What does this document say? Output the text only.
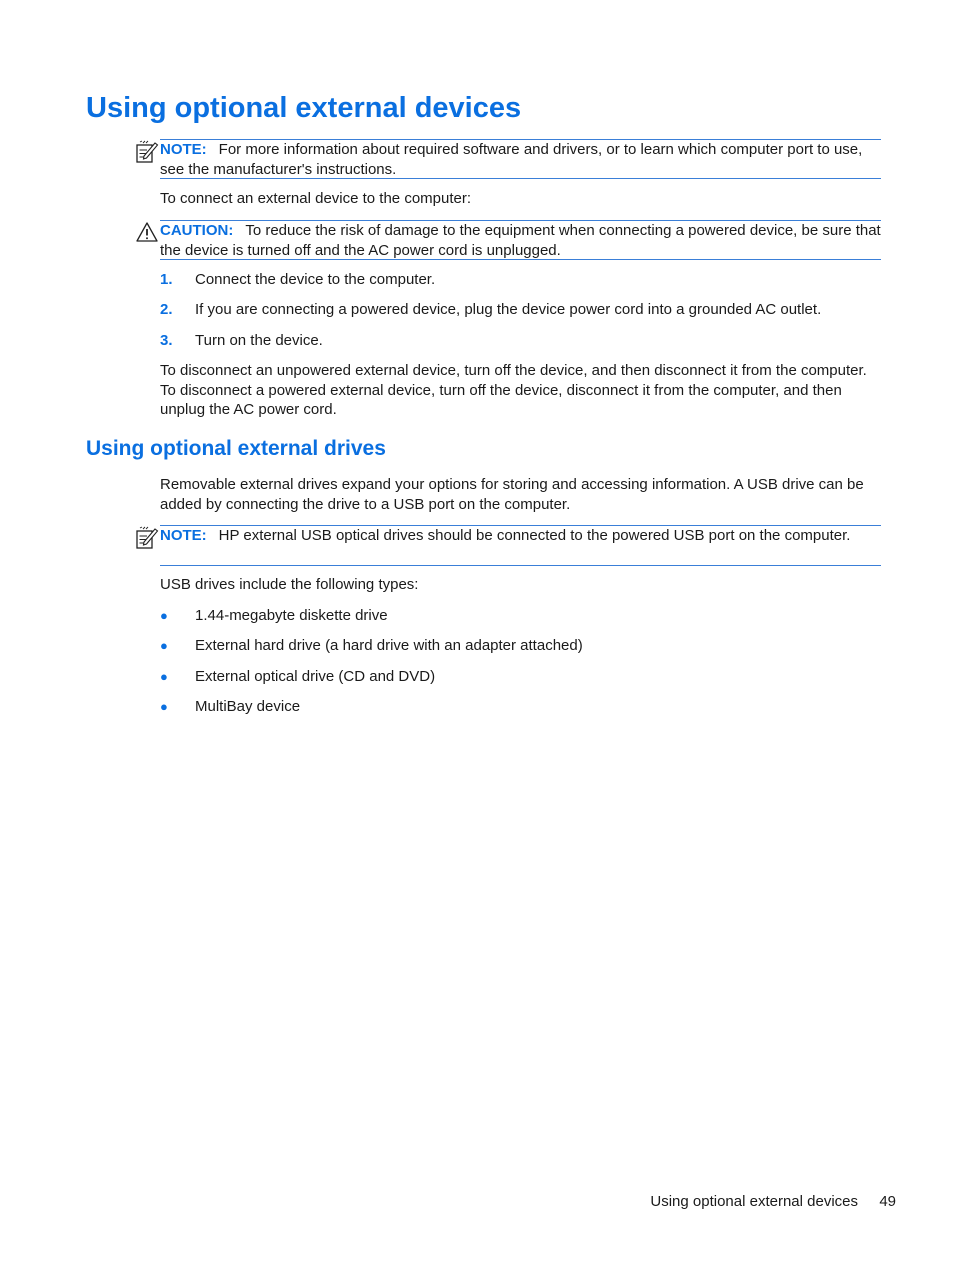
Using optional external devices
NOTE: For more information about required software and drivers, or to learn which computer port to use, see the manufacturer's instructions.
To connect an external device to the computer:
CAUTION: To reduce the risk of damage to the equipment when connecting a powered device, be sure that the device is turned off and the AC power cord is unplugged.
1. Connect the device to the computer.
2. If you are connecting a powered device, plug the device power cord into a grounded AC outlet.
3. Turn on the device.
To disconnect an unpowered external device, turn off the device, and then disconnect it from the computer. To disconnect a powered external device, turn off the device, disconnect it from the computer, and then unplug the AC power cord.
Using optional external drives
Removable external drives expand your options for storing and accessing information. A USB drive can be added by connecting the drive to a USB port on the computer.
NOTE: HP external USB optical drives should be connected to the powered USB port on the computer.
USB drives include the following types:
● 1.44-megabyte diskette drive
● External hard drive (a hard drive with an adapter attached)
● External optical drive (CD and DVD)
● MultiBay device
Using optional external devices 49
